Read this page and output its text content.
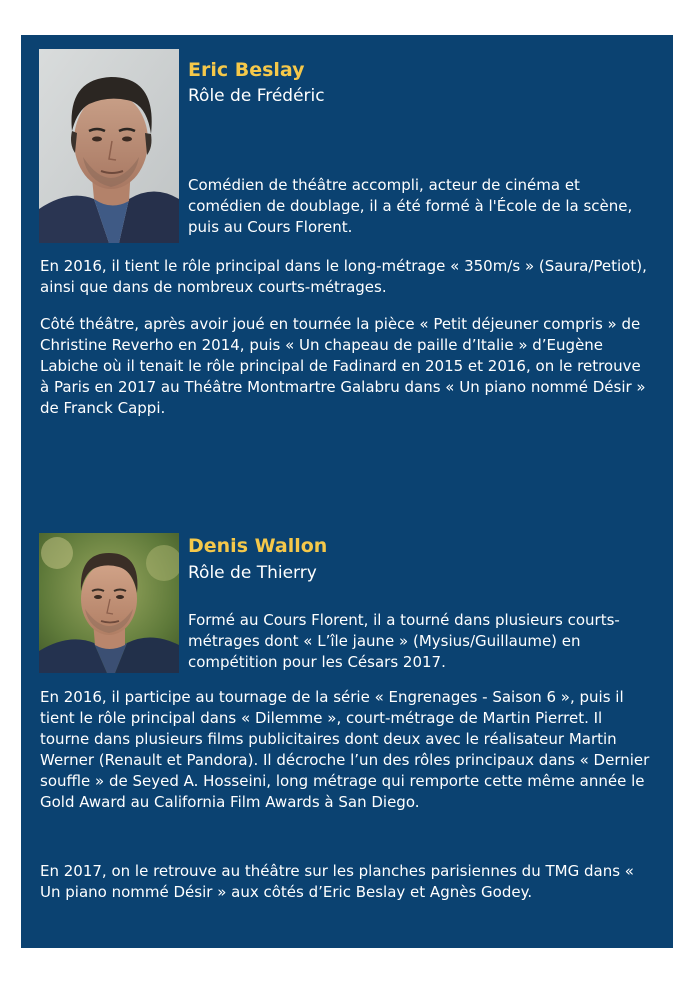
Eric Beslay
Rôle de Frédéric

Comédien de théâtre accompli, acteur de cinéma et comédien de doublage, il a été formé à l'École de la scène, puis au Cours Florent.

En 2016, il tient le rôle principal dans le long-métrage « 350m/s » (Saura/Petiot), ainsi que dans de nombreux courts-métrages.

Côté théâtre, après avoir joué en tournée la pièce « Petit déjeuner compris » de Christine Reverho en 2014, puis « Un chapeau de paille d’Italie » d’Eugène Labiche où il tenait le rôle principal de Fadinard en 2015 et 2016, on le retrouve à Paris en 2017 au Théâtre Montmartre Galabru dans « Un piano nommé Désir » de Franck Cappi.

Denis Wallon
Rôle de Thierry

Formé au Cours Florent, il a tourné dans plusieurs courts-métrages dont « L’île jaune » (Mysius/Guillaume) en compétition pour les Césars 2017.

En 2016, il participe au tournage de la série « Engrenages - Saison 6 », puis il tient le rôle principal dans « Dilemme », court-métrage de Martin Pierret. Il tourne dans plusieurs films publicitaires dont deux avec le réalisateur Martin Werner (Renault et Pandora). Il décroche l’un des rôles principaux dans « Dernier souffle » de Seyed A. Hosseini, long métrage qui remporte cette même année le Gold Award au California Film Awards à San Diego.

En 2017, on le retrouve au théâtre sur les planches parisiennes du TMG dans « Un piano nommé Désir » aux côtés d’Eric Beslay et Agnès Godey.
